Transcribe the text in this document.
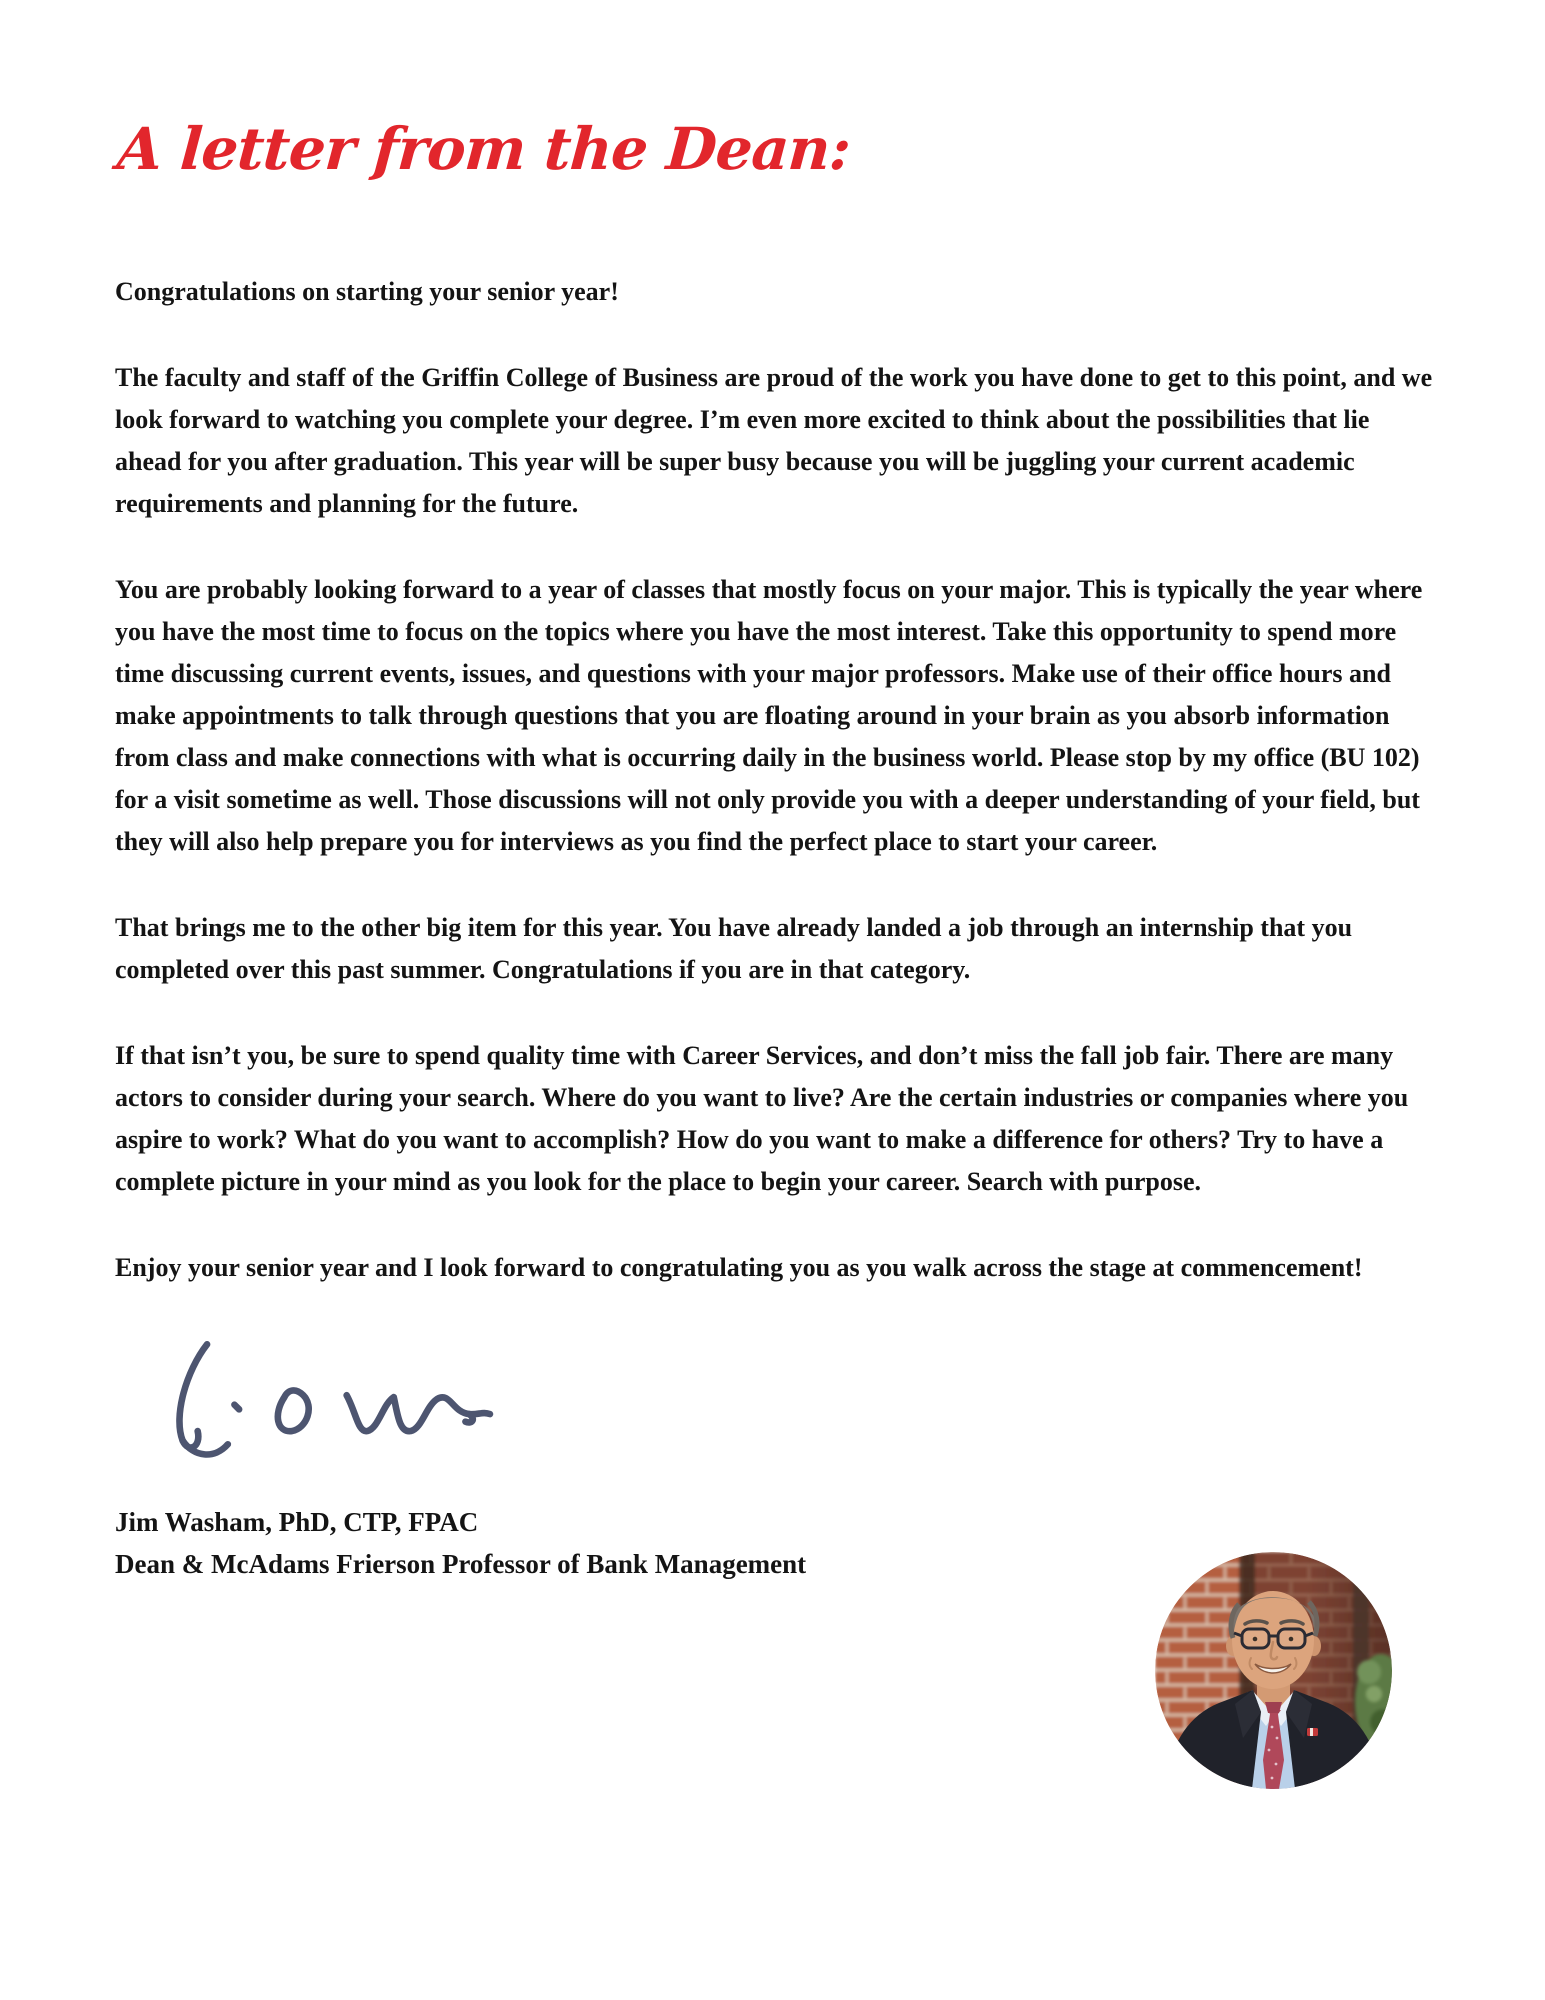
A letter from the Dean:

Congratulations on starting your senior year!

The faculty and staff of the Griffin College of Business are proud of the work you have done to get to this point, and we look forward to watching you complete your degree. I’m even more excited to think about the possibilities that lie ahead for you after graduation. This year will be super busy because you will be juggling your current academic requirements and planning for the future.

You are probably looking forward to a year of classes that mostly focus on your major. This is typically the year where you have the most time to focus on the topics where you have the most interest. Take this opportunity to spend more time discussing current events, issues, and questions with your major professors. Make use of their office hours and make appointments to talk through questions that you are floating around in your brain as you absorb information from class and make connections with what is occurring daily in the business world. Please stop by my office (BU 102) for a visit sometime as well. Those discussions will not only provide you with a deeper understanding of your field, but they will also help prepare you for interviews as you find the perfect place to start your career.

That brings me to the other big item for this year. You have already landed a job through an internship that you completed over this past summer. Congratulations if you are in that category.

If that isn’t you, be sure to spend quality time with Career Services, and don’t miss the fall job fair. There are many actors to consider during your search. Where do you want to live? Are the certain industries or companies where you aspire to work? What do you want to accomplish? How do you want to make a difference for others? Try to have a complete picture in your mind as you look for the place to begin your career. Search with purpose.

Enjoy your senior year and I look forward to congratulating you as you walk across the stage at commencement!

Jim Washam, PhD, CTP, FPAC

Dean & McAdams Frierson Professor of Bank Management
